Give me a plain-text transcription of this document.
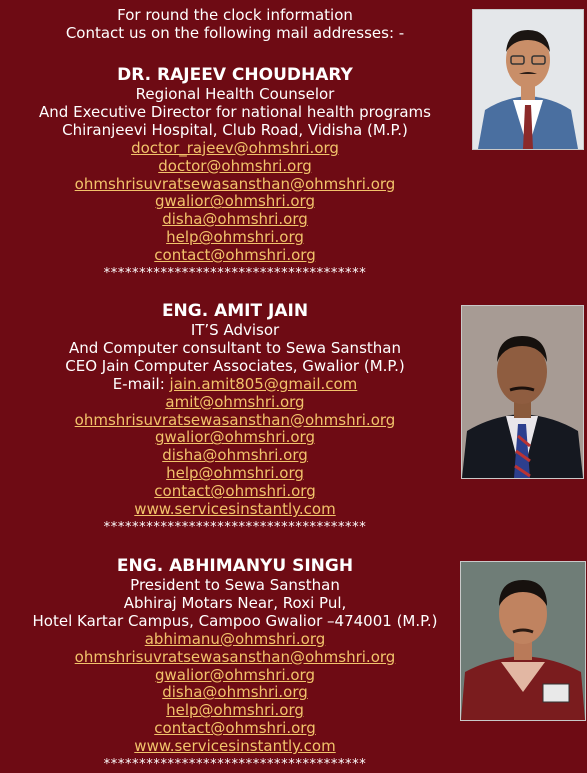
For round the clock information
Contact us on the following mail addresses: -
DR. RAJEEV CHOUDHARY
Regional Health Counselor
And Executive Director for national health programs
Chiranjeevi Hospital, Club Road, Vidisha (M.P.)
doctor_rajeev@ohmshri.org
doctor@ohmshri.org
ohmshrisuvratsewasansthan@ohmshri.org
gwalior@ohmshri.org
disha@ohmshri.org
help@ohmshri.org
contact@ohmshri.org
*************************************
ENG. AMIT JAIN
IT’S Advisor
And Computer consultant to Sewa Sansthan
CEO Jain Computer Associates, Gwalior (M.P.)
E-mail: jain.amit805@gmail.com
amit@ohmshri.org
ohmshrisuvratsewasansthan@ohmshri.org
gwalior@ohmshri.org
disha@ohmshri.org
help@ohmshri.org
contact@ohmshri.org
www.servicesinstantly.com
*************************************
ENG. ABHIMANYU SINGH
President to Sewa Sansthan
Abhiraj Motars Near, Roxi Pul,
Hotel Kartar Campus, Campoo Gwalior –474001 (M.P.)
abhimanu@ohmshri.org
ohmshrisuvratsewasansthan@ohmshri.org
gwalior@ohmshri.org
disha@ohmshri.org
help@ohmshri.org
contact@ohmshri.org
www.servicesinstantly.com
*************************************
